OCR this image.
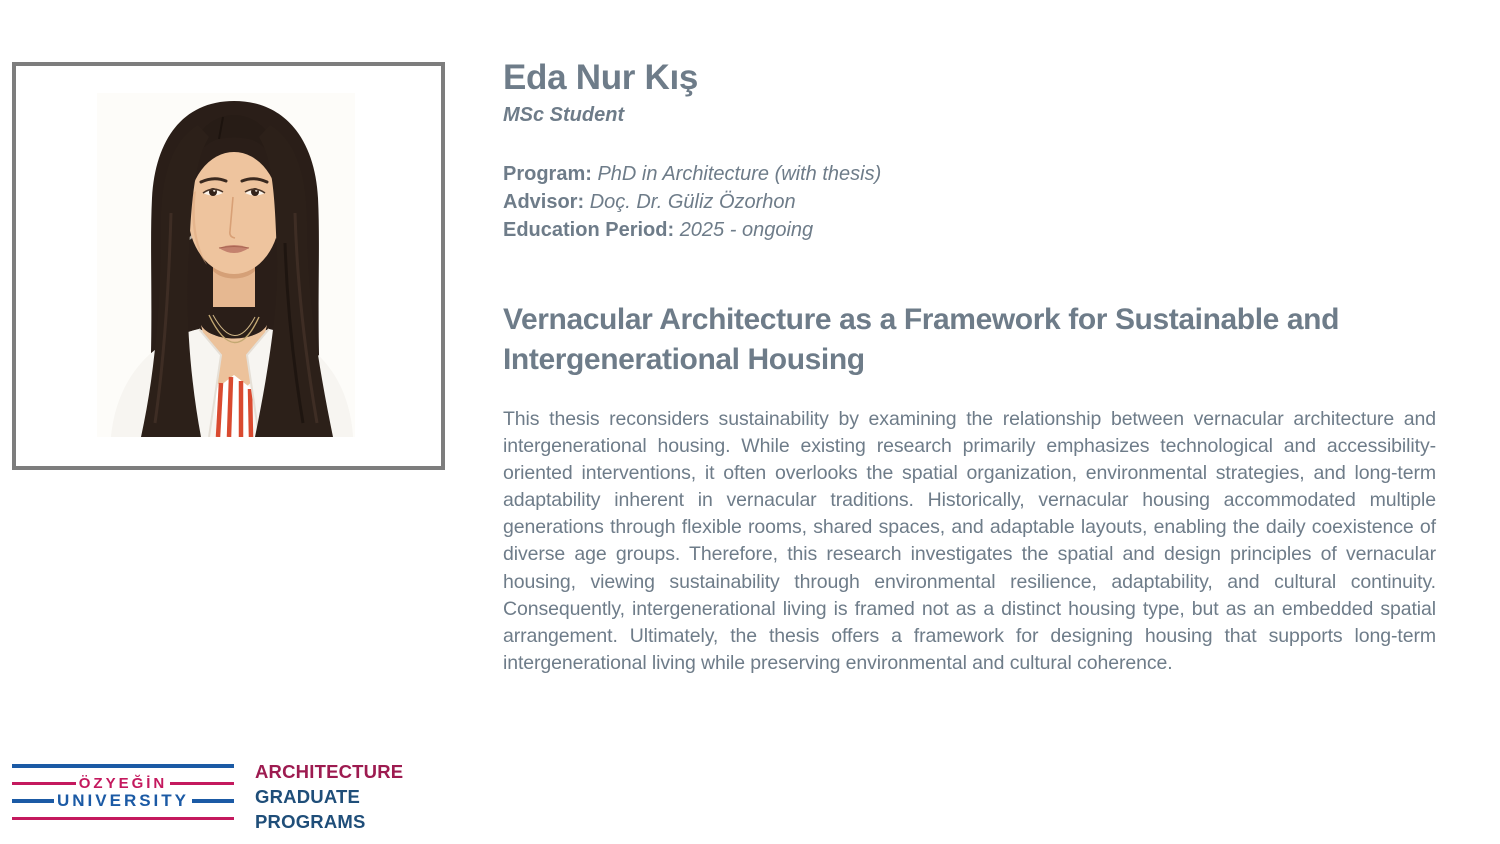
Eda Nur Kış
MSc Student
Program: PhD in Architecture (with thesis)
Advisor: Doç. Dr. Güliz Özorhon
Education Period: 2025 - ongoing
Vernacular Architecture as a Framework for Sustainable and Intergenerational Housing
This thesis reconsiders sustainability by examining the relationship between vernacular architecture and intergenerational housing. While existing research primarily emphasizes technological and accessibility-oriented interventions, it often overlooks the spatial organization, environmental strategies, and long-term adaptability inherent in vernacular traditions. Historically, vernacular housing accommodated multiple generations through flexible rooms, shared spaces, and adaptable layouts, enabling the daily coexistence of diverse age groups. Therefore, this research investigates the spatial and design principles of vernacular housing, viewing sustainability through environmental resilience, adaptability, and cultural continuity. Consequently, intergenerational living is framed not as a distinct housing type, but as an embedded spatial arrangement. Ultimately, the thesis offers a framework for designing housing that supports long-term intergenerational living while preserving environmental and cultural coherence.
ÖZYEĞİN
UNIVERSITY
ARCHITECTURE
GRADUATE
PROGRAMS
